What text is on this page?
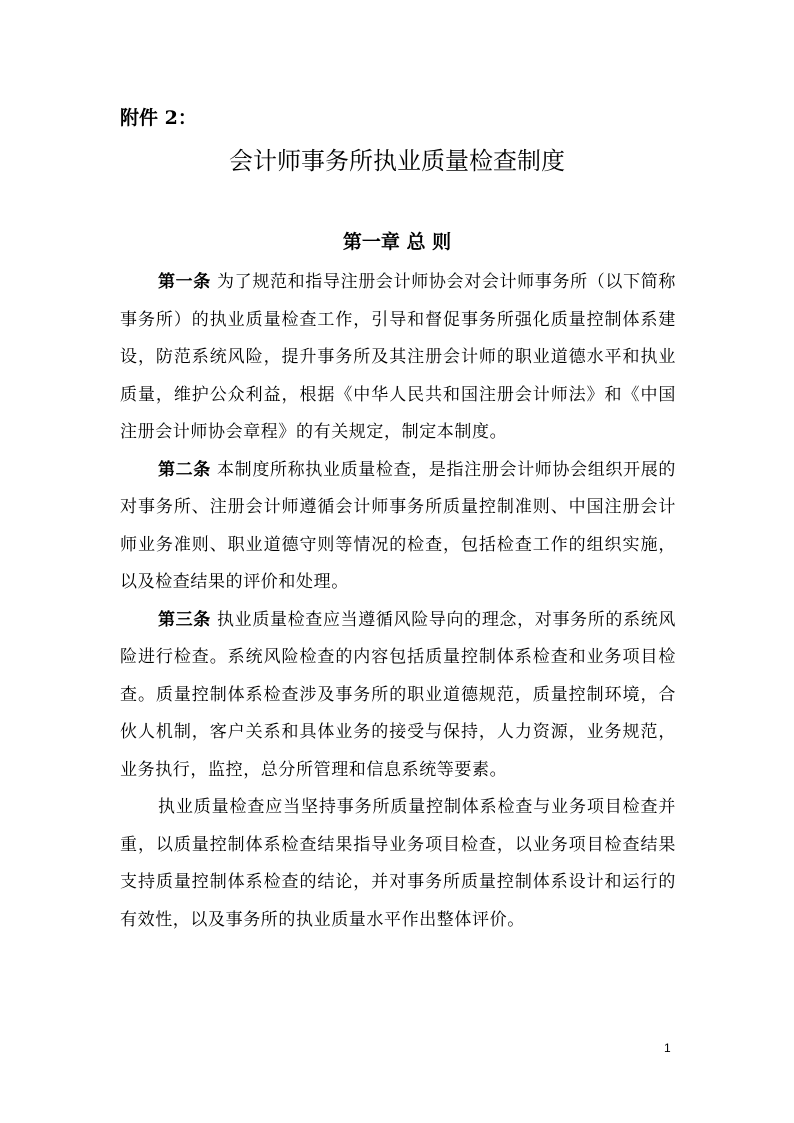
附件 2：
会计师事务所执业质量检查制度
第一章 总 则

第一条 为了规范和指导注册会计师协会对会计师事务所（以下简称事务所）的执业质量检查工作，引导和督促事务所强化质量控制体系建设，防范系统风险，提升事务所及其注册会计师的职业道德水平和执业质量，维护公众利益，根据《中华人民共和国注册会计师法》和《中国注册会计师协会章程》的有关规定，制定本制度。

第二条 本制度所称执业质量检查，是指注册会计师协会组织开展的对事务所、注册会计师遵循会计师事务所质量控制准则、中国注册会计师业务准则、职业道德守则等情况的检查，包括检查工作的组织实施，以及检查结果的评价和处理。

第三条 执业质量检查应当遵循风险导向的理念，对事务所的系统风险进行检查。系统风险检查的内容包括质量控制体系检查和业务项目检查。质量控制体系检查涉及事务所的职业道德规范，质量控制环境，合伙人机制，客户关系和具体业务的接受与保持，人力资源，业务规范，业务执行，监控，总分所管理和信息系统等要素。

执业质量检查应当坚持事务所质量控制体系检查与业务项目检查并重，以质量控制体系检查结果指导业务项目检查，以业务项目检查结果支持质量控制体系检查的结论，并对事务所质量控制体系设计和运行的有效性，以及事务所的执业质量水平作出整体评价。

1
